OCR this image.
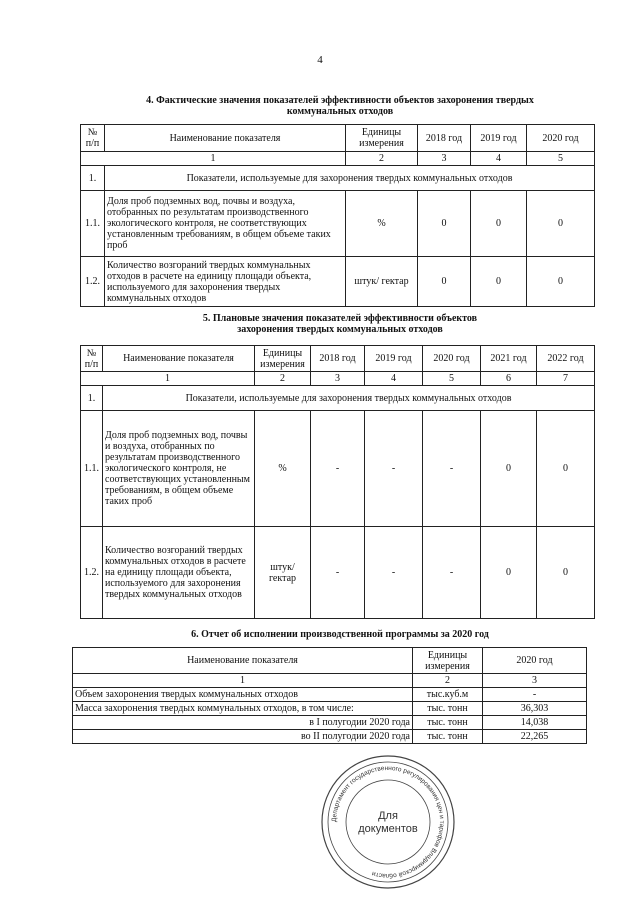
4
4. Фактические значения показателей эффективности объектов захоронения твердых
коммунальных отходов
№ п/п	Наименование показателя	Единицы измерения	2018 год	2019 год	2020 год
1		2	3	4	5
1.	Показатели, используемые для захоронения твердых коммунальных отходов				
1.1.	Доля проб подземных вод, почвы и воздуха, отобранных по результатам производственного экологического контроля, не соответствующих установленным требованиям, в общем объеме таких проб	%	0	0	0
1.2.	Количество возгораний твердых коммунальных отходов в расчете на единицу площади объекта, используемого для захоронения твердых коммунальных отходов	штук/ гектар	0	0	0
5. Плановые значения показателей эффективности объектов
захоронения твердых коммунальных отходов
№ п/п	Наименование показателя	Единицы измерения	2018 год	2019 год	2020 год	2021 год	2022 год
1		2	3	4	5	6	7
1.	Показатели, используемые для захоронения твердых коммунальных отходов						
1.1.	Доля проб подземных вод, почвы и воздуха, отобранных по результатам производственного экологического контроля, не соответствующих установленным требованиям, в общем объеме таких проб	%	-	-	-	0	0
1.2.	Количество возгораний твердых коммунальных отходов в расчете на единицу площади объекта, используемого для захоронения твердых коммунальных отходов	штук/ гектар	-	-	-	0	0
6. Отчет об исполнении производственной программы за 2020 год
Наименование показателя	Единицы измерения	2020 год
1	2	3
Объем захоронения твердых коммунальных отходов	тыс.куб.м	-
Масса захоронения твердых коммунальных отходов, в том числе:	тыс. тонн	36,303
в I полугодии 2020 года	тыс. тонн	14,038
во II полугодии 2020 года	тыс. тонн	22,265
Департамент государственного регулирования цен и тарифов Владимирской области
Для
документов
